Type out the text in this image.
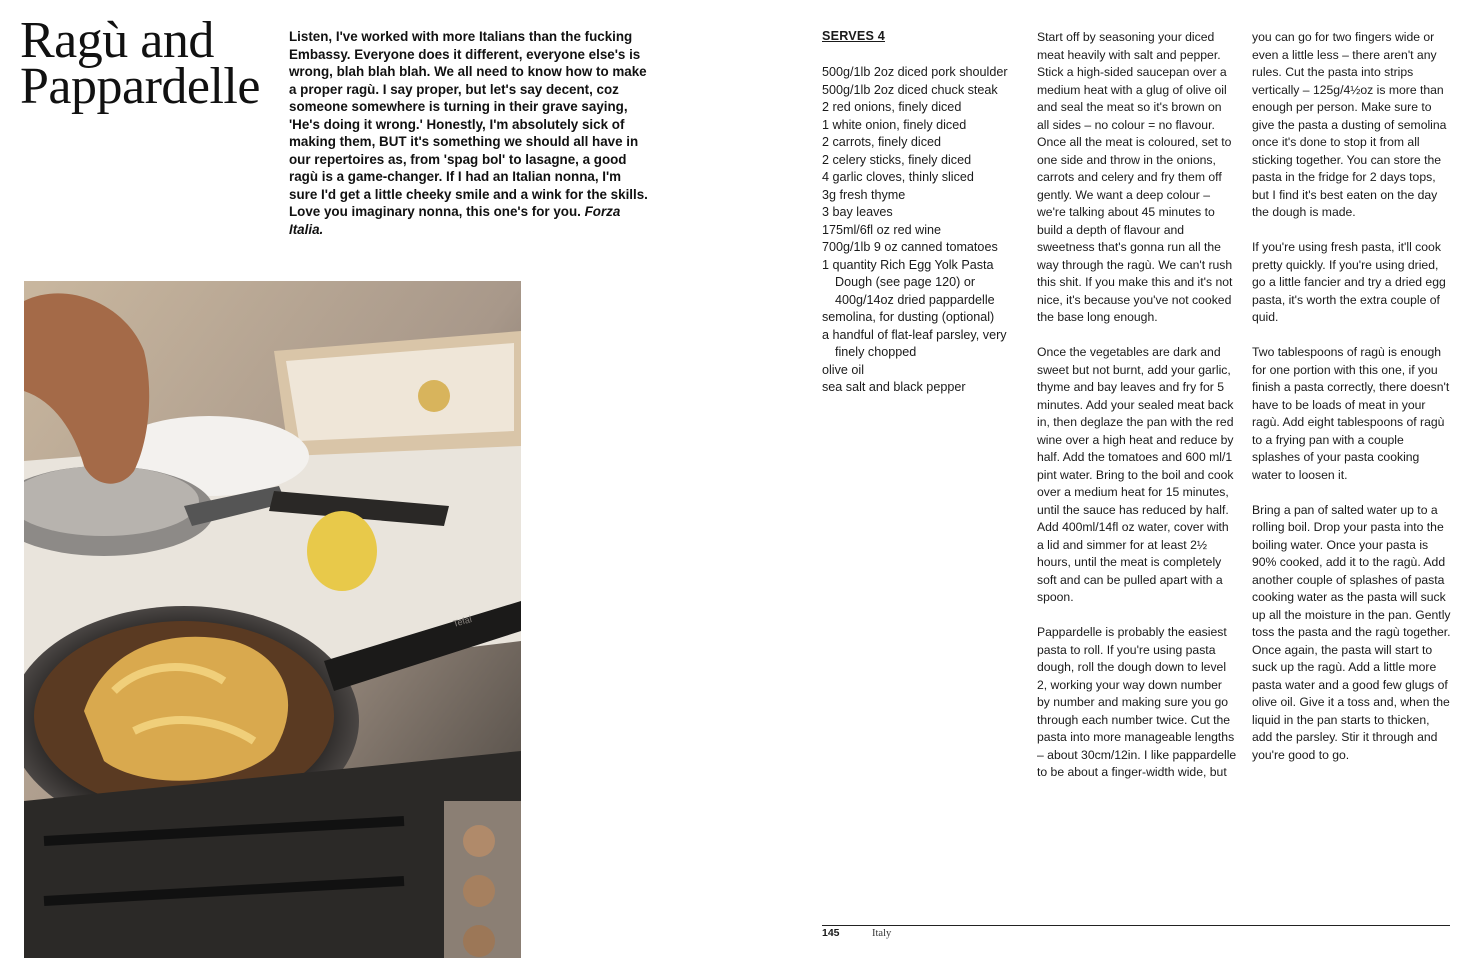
Ragù and
Pappardelle
Listen, I've worked with more Italians than the fucking Embassy. Everyone does it different, everyone else's is wrong, blah blah blah. We all need to know how to make a proper ragù. I say proper, but let's say decent, coz someone somewhere is turning in their grave saying, 'He's doing it wrong.' Honestly, I'm absolutely sick of making them, BUT it's something we should all have in our repertoires as, from 'spag bol' to lasagne, a good ragù is a game-changer. If I had an Italian nonna, I'm sure I'd get a little cheeky smile and a wink for the skills. Love you imaginary nonna, this one's for you. Forza Italia.
Tefal
SERVES 4
500g/1lb 2oz diced pork shoulder
500g/1lb 2oz diced chuck steak
2 red onions, finely diced
1 white onion, finely diced
2 carrots, finely diced
2 celery sticks, finely diced
4 garlic cloves, thinly sliced
3g fresh thyme
3 bay leaves
175ml/6fl oz red wine
700g/1lb 9 oz canned tomatoes
1 quantity Rich Egg Yolk Pasta Dough (see page 120) or 400g/14oz dried pappardelle
semolina, for dusting (optional)
a handful of flat-leaf parsley, very finely chopped
olive oil
sea salt and black pepper

Start off by seasoning your diced meat heavily with salt and pepper. Stick a high-sided saucepan over a medium heat with a glug of olive oil and seal the meat so it's brown on all sides – no colour = no flavour. Once all the meat is coloured, set to one side and throw in the onions, carrots and celery and fry them off gently. We want a deep colour – we're talking about 45 minutes to build a depth of flavour and sweetness that's gonna run all the way through the ragù. We can't rush this shit. If you make this and it's not nice, it's because you've not cooked the base long enough.

Once the vegetables are dark and sweet but not burnt, add your garlic, thyme and bay leaves and fry for 5 minutes. Add your sealed meat back in, then deglaze the pan with the red wine over a high heat and reduce by half. Add the tomatoes and 600 ml/1 pint water. Bring to the boil and cook over a medium heat for 15 minutes, until the sauce has reduced by half. Add 400ml/14fl oz water, cover with a lid and simmer for at least 2½ hours, until the meat is completely soft and can be pulled apart with a spoon.

Pappardelle is probably the easiest pasta to roll. If you're using pasta dough, roll the dough down to level 2, working your way down number by number and making sure you go through each number twice. Cut the pasta into more manageable lengths – about 30cm/12in. I like pappardelle to be about a finger-width wide, but

you can go for two fingers wide or even a little less – there aren't any rules. Cut the pasta into strips vertically – 125g/4½oz is more than enough per person. Make sure to give the pasta a dusting of semolina once it's done to stop it from all sticking together. You can store the pasta in the fridge for 2 days tops, but I find it's best eaten on the day the dough is made.

If you're using fresh pasta, it'll cook pretty quickly. If you're using dried, go a little fancier and try a dried egg pasta, it's worth the extra couple of quid.

Two tablespoons of ragù is enough for one portion with this one, if you finish a pasta correctly, there doesn't have to be loads of meat in your ragù. Add eight tablespoons of ragù to a frying pan with a couple splashes of your pasta cooking water to loosen it.

Bring a pan of salted water up to a rolling boil. Drop your pasta into the boiling water. Once your pasta is 90% cooked, add it to the ragù. Add another couple of splashes of pasta cooking water as the pasta will suck up all the moisture in the pan. Gently toss the pasta and the ragù together. Once again, the pasta will start to suck up the ragù. Add a little more pasta water and a good few glugs of olive oil. Give it a toss and, when the liquid in the pan starts to thicken, add the parsley. Stir it through and you're good to go.

145	Italy
